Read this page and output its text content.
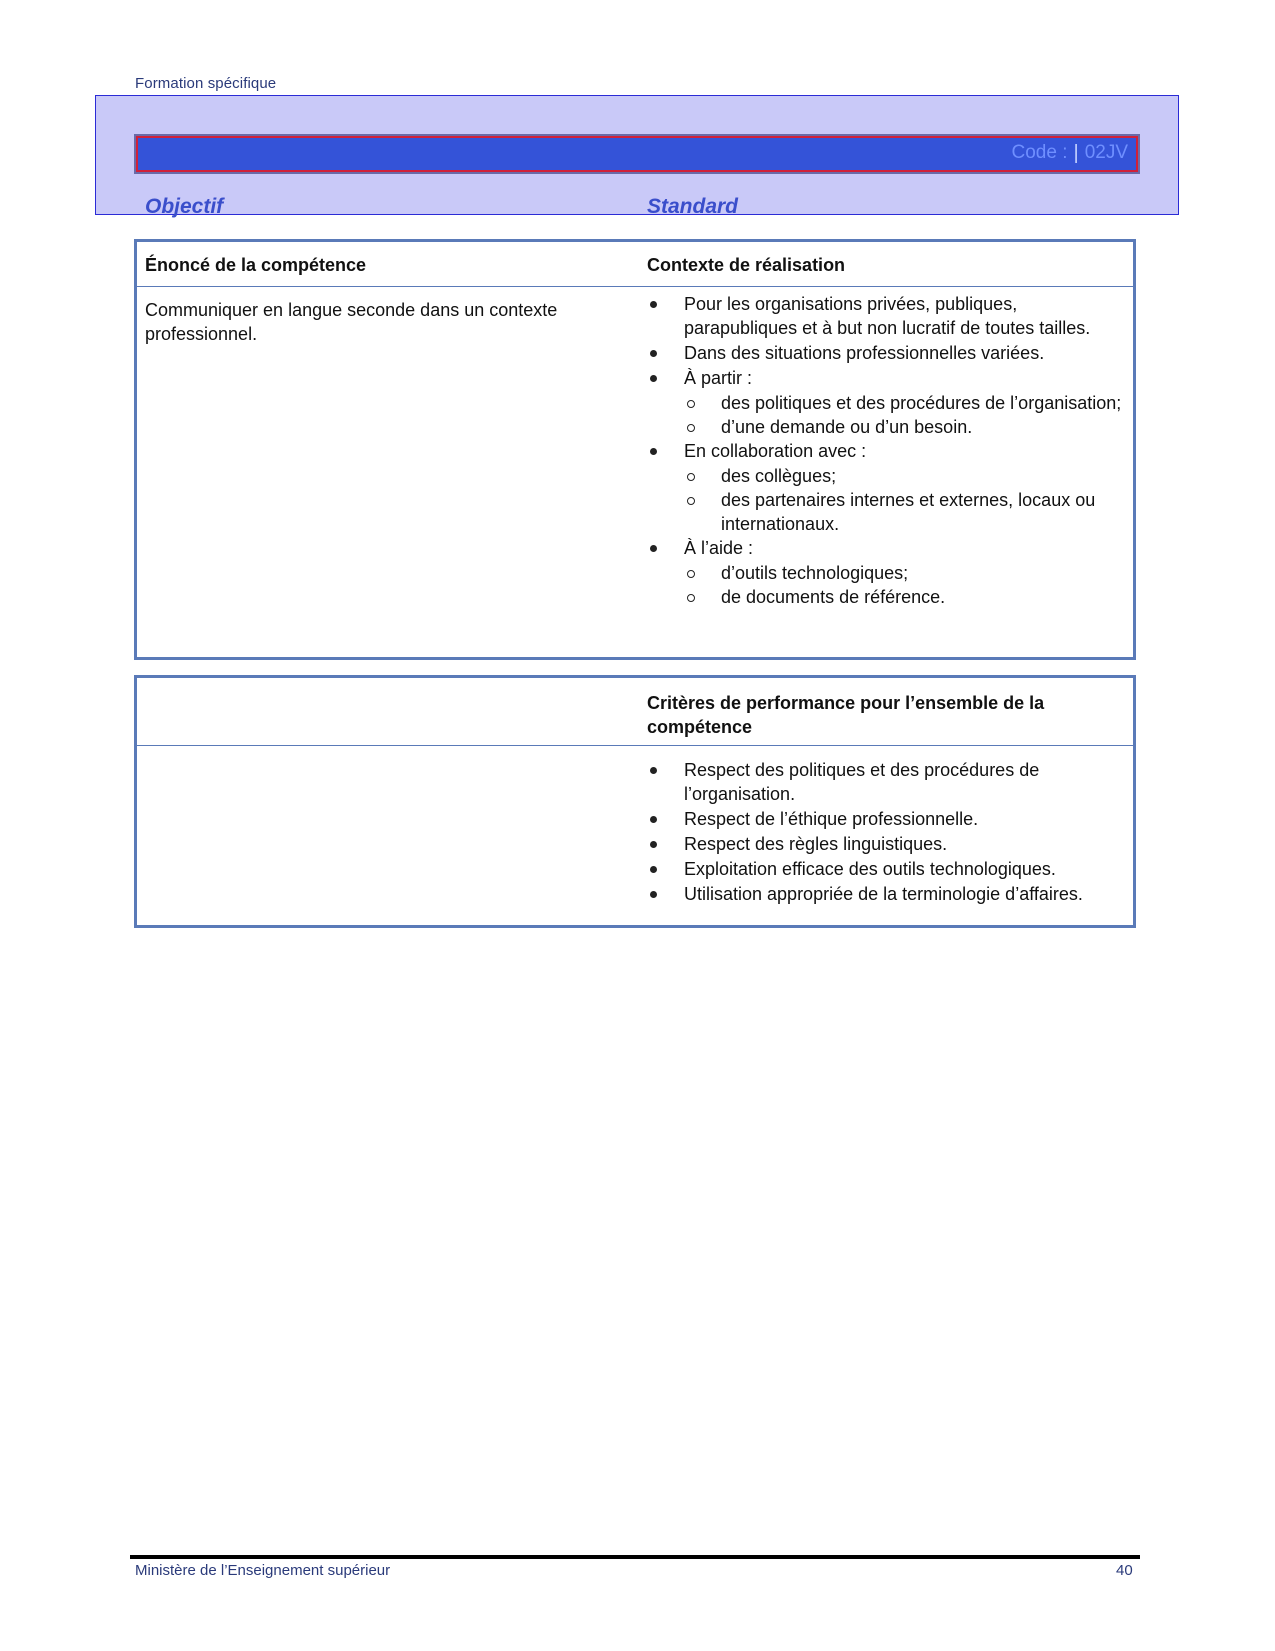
Formation spécifique
Code : | 02JV
Objectif	Standard
Énoncé de la compétence	Contexte de réalisation
Communiquer en langue seconde dans un contexte professionnel.
Pour les organisations privées, publiques, parapubliques et à but non lucratif de toutes tailles.
Dans des situations professionnelles variées.
À partir :
des politiques et des procédures de l’organisation;
d’une demande ou d’un besoin.
En collaboration avec :
des collègues;
des partenaires internes et externes, locaux ou internationaux.
À l’aide :
d’outils technologiques;
de documents de référence.
Critères de performance pour l’ensemble de la compétence
Respect des politiques et des procédures de l’organisation.
Respect de l’éthique professionnelle.
Respect des règles linguistiques.
Exploitation efficace des outils technologiques.
Utilisation appropriée de la terminologie d’affaires.
Ministère de l’Enseignement supérieur	40
